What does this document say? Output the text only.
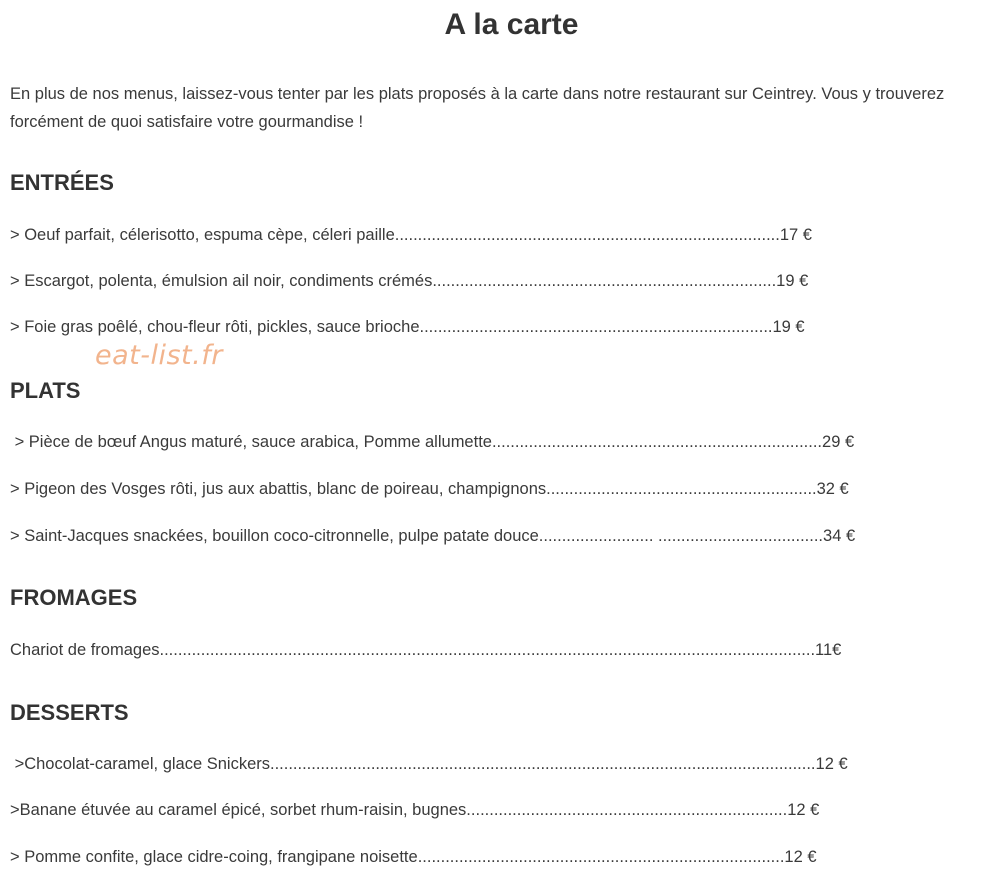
A la carte

En plus de nos menus, laissez-vous tenter par les plats proposés à la carte dans notre restaurant sur Ceintrey. Vous y trouverez forcément de quoi satisfaire votre gourmandise !

ENTRÉES

> Oeuf parfait, célerisotto, espuma cèpe, céleri paille....................................................................................17 €

> Escargot, polenta, émulsion ail noir, condiments crémés...........................................................................19 €

> Foie gras poêlé, chou-fleur rôti, pickles, sauce brioche.............................................................................19 €

PLATS

> Pièce de bœuf Angus maturé, sauce arabica, Pomme allumette........................................................................29 €

> Pigeon des Vosges rôti, jus aux abattis, blanc de poireau, champignons...........................................................32 €

> Saint-Jacques snackées, bouillon coco-citronnelle, pulpe patate douce......................... ....................................34 €

FROMAGES

Chariot de fromages...............................................................................................................................................11€

DESSERTS

>Chocolat-caramel, glace Snickers.......................................................................................................................12 €

>Banane étuvée au caramel épicé, sorbet rhum-raisin, bugnes......................................................................12 €

> Pomme confite, glace cidre-coing, frangipane noisette................................................................................12 €

eat-list.fr
